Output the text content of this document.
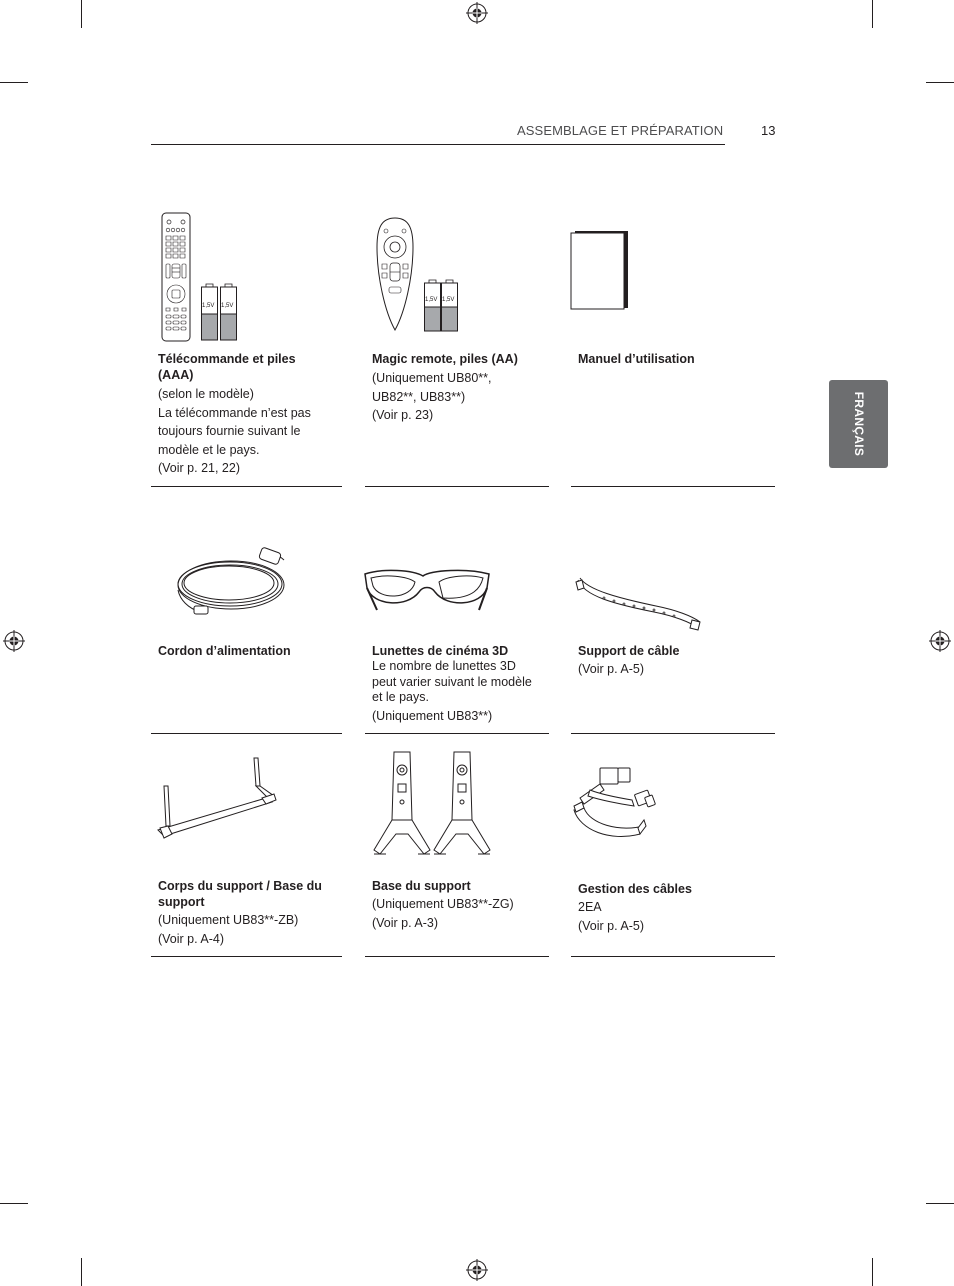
ASSEMBLAGE ET PRÉPARATION	13
FRANÇAIS
1,5V 1,5V
Télécommande et piles
(AAA)
(selon le modèle)
La télécommande n’est pas
toujours fournie suivant le
modèle et le pays.
(Voir p. 21, 22)
1,5V 1,5V
Magic remote, piles (AA)
(Uniquement UB80**,
UB82**, UB83**)
(Voir p. 23)
Manuel d’utilisation
Cordon d’alimentation	Lunettes de cinéma 3D
Le nombre de lunettes 3D
peut varier suivant le modèle
et le pays.
(Uniquement UB83**)
Support de câble
(Voir p. A-5)
Corps du support / Base du
support
(Uniquement UB83**-ZB)
(Voir p. A-4)
Base du support
(Uniquement UB83**-ZG)
(Voir p. A-3)
Gestion des câbles
2EA
(Voir p. A-5)
